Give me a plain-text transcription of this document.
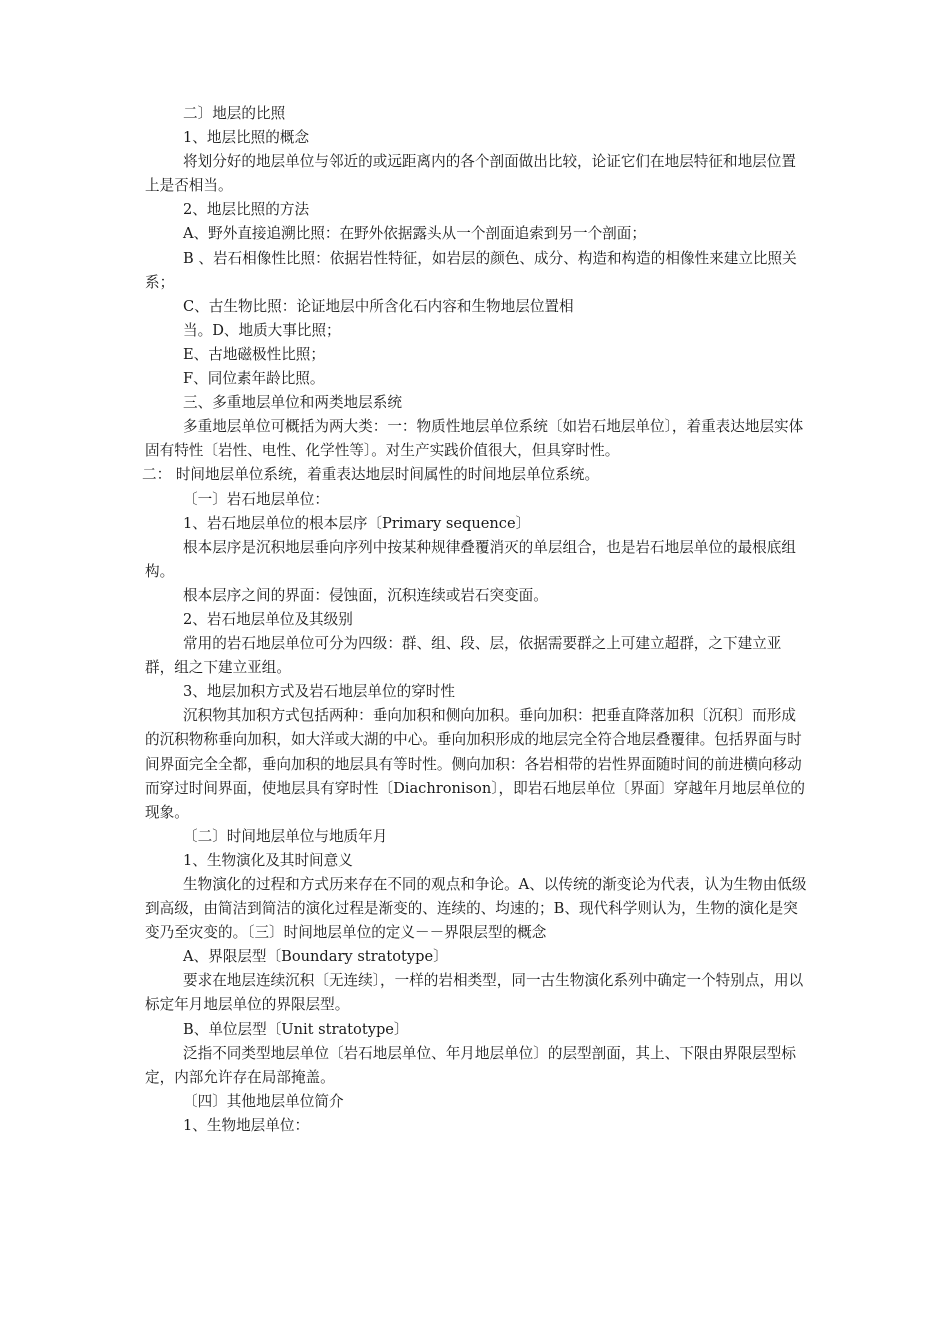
二〕地层的比照

1、地层比照的概念

将划分好的地层单位与邻近的或远距离内的各个剖面做出比较，论证它们在地层特征和地层位置上是否相当。

2、地层比照的方法

A、野外直接追溯比照：在野外依据露头从一个剖面追索到另一个剖面；

B 、岩石相像性比照：依据岩性特征，如岩层的颜色、成分、构造和构造的相像性来建立比照关系；

C、古生物比照：论证地层中所含化石内容和生物地层位置相

当。D、地质大事比照；

E、古地磁极性比照；

F、同位素年龄比照。

三、多重地层单位和两类地层系统

多重地层单位可概括为两大类：一：物质性地层单位系统〔如岩石地层单位〕，着重表达地层实体固有特性〔岩性、电性、化学性等〕。对生产实践价值很大，但具穿时性。

二： 时间地层单位系统，着重表达地层时间属性的时间地层单位系统。

〔一〕岩石地层单位：

1、岩石地层单位的根本层序〔Primary sequence〕

根本层序是沉积地层垂向序列中按某种规律叠覆消灭的单层组合，也是岩石地层单位的最根底组构。

根本层序之间的界面：侵蚀面，沉积连续或岩石突变面。

2、岩石地层单位及其级别

常用的岩石地层单位可分为四级：群、组、段、层，依据需要群之上可建立超群，之下建立亚群，组之下建立亚组。

3、地层加积方式及岩石地层单位的穿时性

沉积物其加积方式包括两种：垂向加积和侧向加积。垂向加积：把垂直降落加积〔沉积〕而形成的沉积物称垂向加积，如大洋或大湖的中心。垂向加积形成的地层完全符合地层叠覆律。包括界面与时间界面完全全都，垂向加积的地层具有等时性。侧向加积：各岩相带的岩性界面随时间的前进横向移动而穿过时间界面，使地层具有穿时性〔Diachronison〕，即岩石地层单位〔界面〕穿越年月地层单位的现象。

〔二〕时间地层单位与地质年月

1、生物演化及其时间意义

生物演化的过程和方式历来存在不同的观点和争论。A、以传统的渐变论为代表，认为生物由低级到高级，由简洁到简洁的演化过程是渐变的、连续的、均速的；B、现代科学则认为，生物的演化是突变乃至灾变的。〔三〕时间地层单位的定义－－界限层型的概念

A、界限层型〔Boundary stratotype〕

要求在地层连续沉积〔无连续〕，一样的岩相类型，同一古生物演化系列中确定一个特别点，用以标定年月地层单位的界限层型。

B、单位层型〔Unit stratotype〕

泛指不同类型地层单位〔岩石地层单位、年月地层单位〕的层型剖面，其上、下限由界限层型标定，内部允许存在局部掩盖。

〔四〕其他地层单位简介

1、生物地层单位：
